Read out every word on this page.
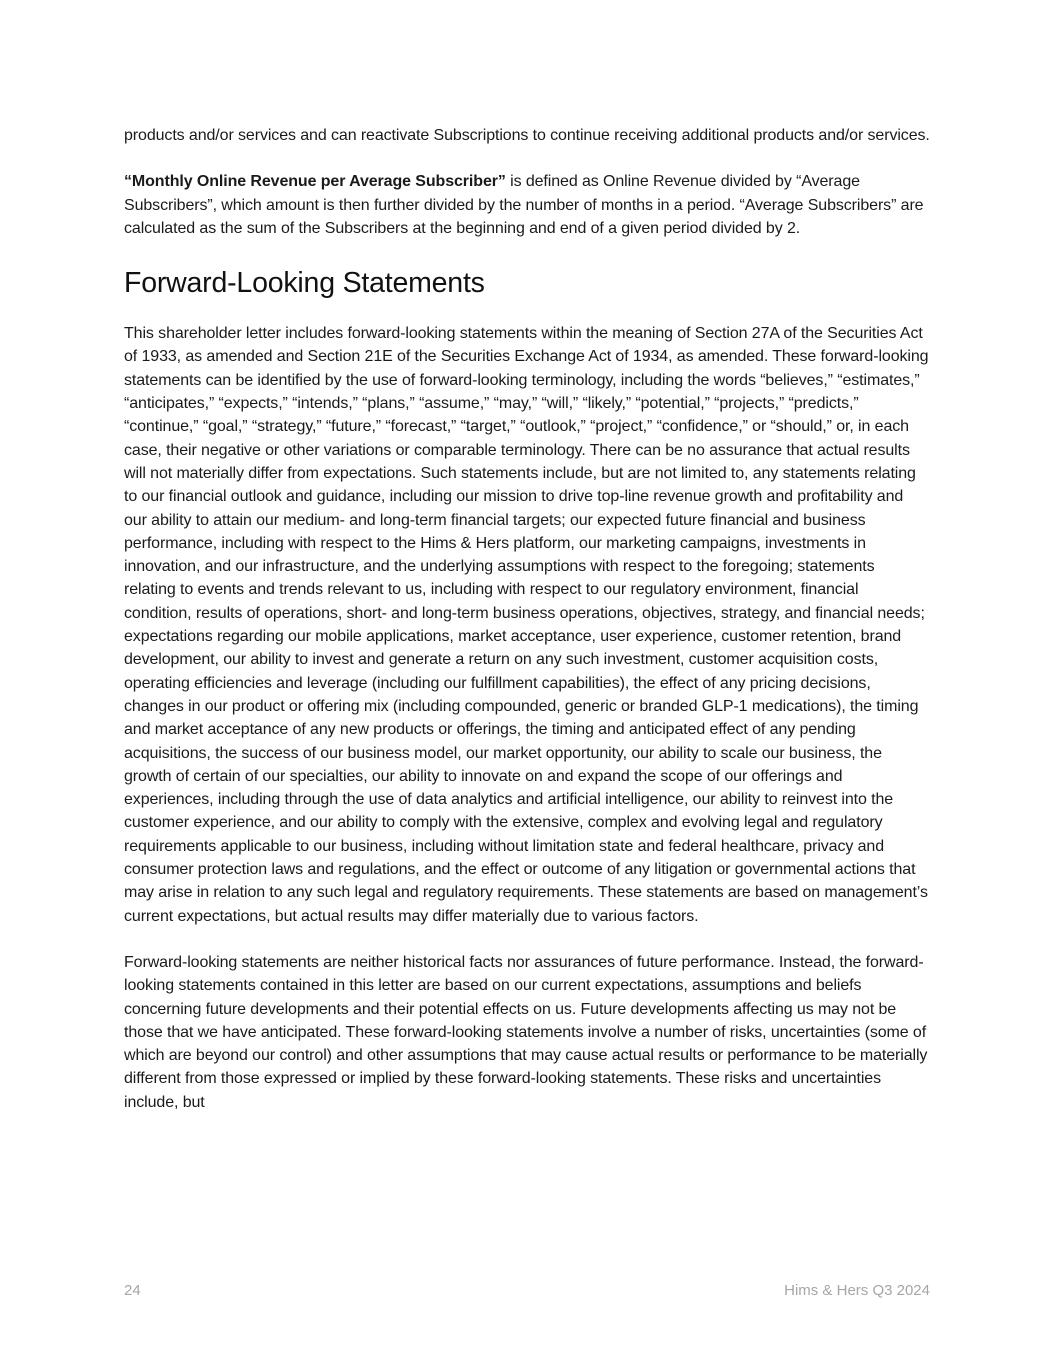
products and/or services and can reactivate Subscriptions to continue receiving additional products and/or services.

“Monthly Online Revenue per Average Subscriber” is defined as Online Revenue divided by “Average Subscribers”, which amount is then further divided by the number of months in a period. “Average Subscribers” are calculated as the sum of the Subscribers at the beginning and end of a given period divided by 2.

Forward-Looking Statements

This shareholder letter includes forward-looking statements within the meaning of Section 27A of the Securities Act of 1933, as amended and Section 21E of the Securities Exchange Act of 1934, as amended. These forward-looking statements can be identified by the use of forward-looking terminology, including the words “believes,” “estimates,” “anticipates,” “expects,” “intends,” “plans,” “assume,” “may,” “will,” “likely,” “potential,” “projects,” “predicts,” “continue,” “goal,” “strategy,” “future,” “forecast,” “target,” “outlook,” “project,” “confidence,” or “should,” or, in each case, their negative or other variations or comparable terminology. There can be no assurance that actual results will not materially differ from expectations. Such statements include, but are not limited to, any statements relating to our financial outlook and guidance, including our mission to drive top-line revenue growth and profitability and our ability to attain our medium- and long-term financial targets; our expected future financial and business performance, including with respect to the Hims & Hers platform, our marketing campaigns, investments in innovation, and our infrastructure, and the underlying assumptions with respect to the foregoing; statements relating to events and trends relevant to us, including with respect to our regulatory environment, financial condition, results of operations, short- and long-term business operations, objectives, strategy, and financial needs; expectations regarding our mobile applications, market acceptance, user experience, customer retention, brand development, our ability to invest and generate a return on any such investment, customer acquisition costs, operating efficiencies and leverage (including our fulfillment capabilities), the effect of any pricing decisions, changes in our product or offering mix (including compounded, generic or branded GLP-1 medications), the timing and market acceptance of any new products or offerings, the timing and anticipated effect of any pending acquisitions, the success of our business model, our market opportunity, our ability to scale our business, the growth of certain of our specialties, our ability to innovate on and expand the scope of our offerings and experiences, including through the use of data analytics and artificial intelligence, our ability to reinvest into the customer experience, and our ability to comply with the extensive, complex and evolving legal and regulatory requirements applicable to our business, including without limitation state and federal healthcare, privacy and consumer protection laws and regulations, and the effect or outcome of any litigation or governmental actions that may arise in relation to any such legal and regulatory requirements. These statements are based on management’s current expectations, but actual results may differ materially due to various factors.

Forward-looking statements are neither historical facts nor assurances of future performance. Instead, the forward-looking statements contained in this letter are based on our current expectations, assumptions and beliefs concerning future developments and their potential effects on us. Future developments affecting us may not be those that we have anticipated. These forward-looking statements involve a number of risks, uncertainties (some of which are beyond our control) and other assumptions that may cause actual results or performance to be materially different from those expressed or implied by these forward-looking statements. These risks and uncertainties include, but

24	Hims & Hers Q3 2024
